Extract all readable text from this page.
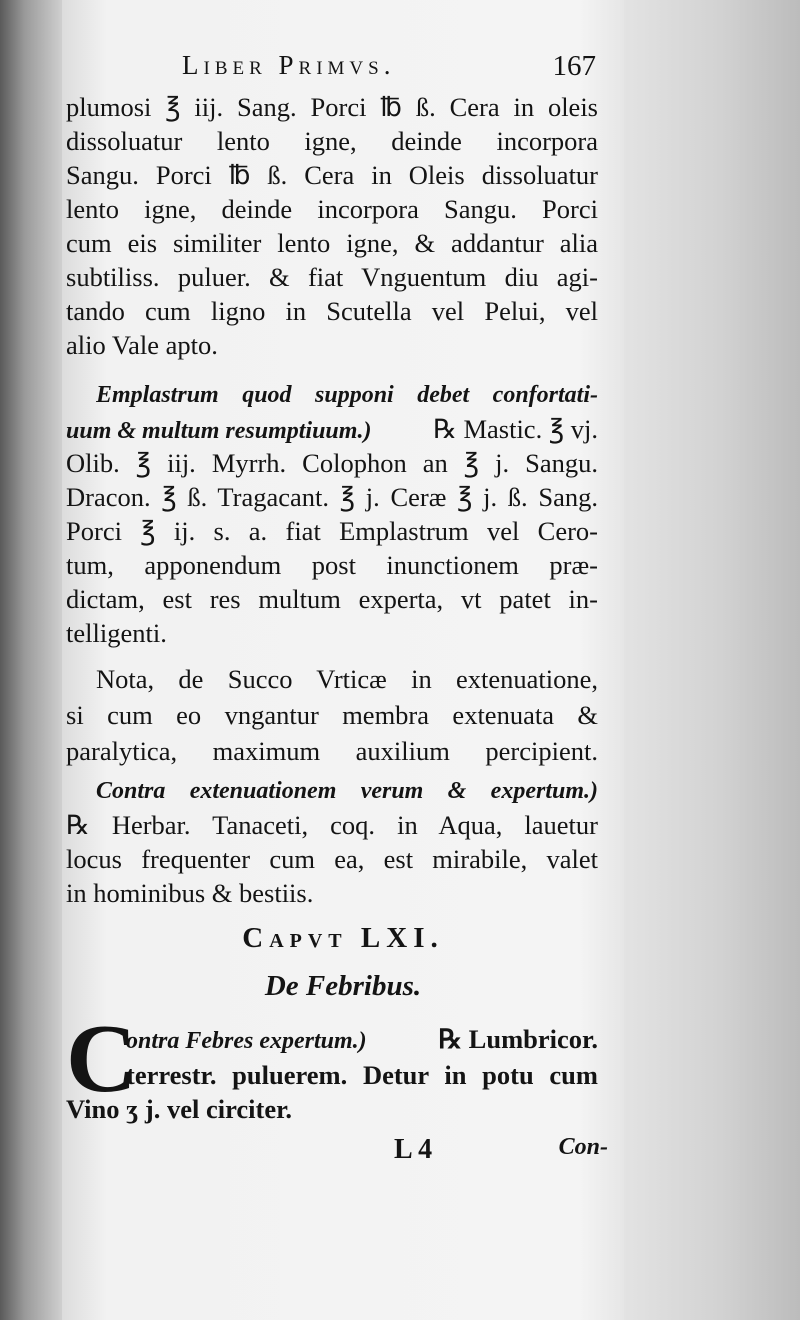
Liber Primvs.	167
plumosi ℥ iij. Sang. Porci ℔ ß. Cera in oleis
dissoluatur lento igne, deinde incorpora
Sangu. Porci ℔ ß. Cera in Oleis dissoluatur
lento igne, deinde incorpora Sangu. Porci
cum eis similiter lento igne, & addantur alia
subtiliss. puluer. & fiat Vnguentum diu agi-
tando cum ligno in Scutella vel Pelui, vel
alio Vale apto.
Emplastrum quod supponi debet confortati-
uum & multum resumptiuum.) ℞ Mastic. ℥ vj.
Olib. ℥ iij. Myrrh. Colophon an ℥ j. Sangu.
Dracon. ℥ ß. Tragacant. ℥ j. Ceræ ℥ j. ß. Sang.
Porci ℥ ij. s. a. fiat Emplastrum vel Cero-
tum, apponendum post inunctionem præ-
dictam, est res multum experta, vt patet in-
telligenti.
Nota, de Succo Vrticæ in extenuatione,
si cum eo vngantur membra extenuata &
paralytica, maximum auxilium percipient.
Contra extenuationem verum & expertum.)
℞ Herbar. Tanaceti, coq. in Aqua, lauetur
locus frequenter cum ea, est mirabile, valet
in hominibus & bestiis.
Capvt LXI.
De Febribus.
C
ontra Febres expertum.)	℞ Lumbricor.
terrestr. puluerem. Detur in potu cum
Vino ʒ j. vel circiter.
L 4	Con-
